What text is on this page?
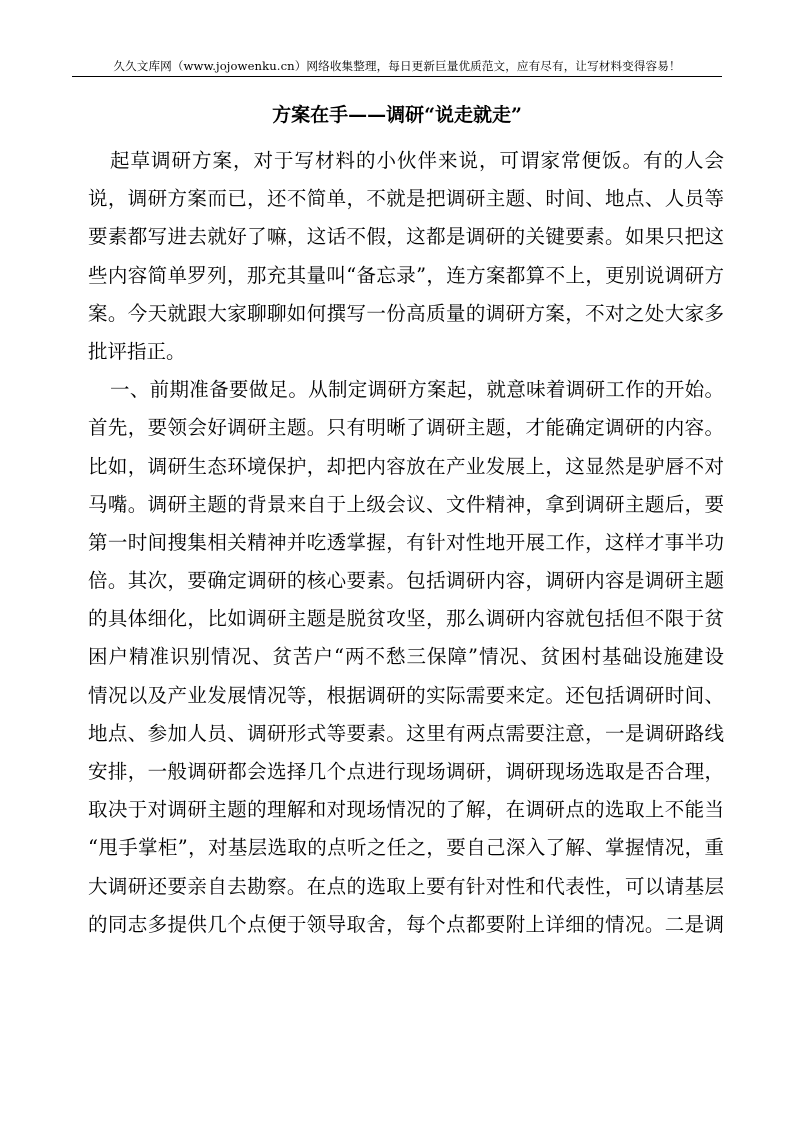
久久文库网（www.jojowenku.cn）网络收集整理，每日更新巨量优质范文，应有尽有，让写材料变得容易！
方案在手——调研“说走就走”
起草调研方案，对于写材料的小伙伴来说，可谓家常便饭。有的人会
说，调研方案而已，还不简单，不就是把调研主题、时间、地点、人员等
要素都写进去就好了嘛，这话不假，这都是调研的关键要素。如果只把这
些内容简单罗列，那充其量叫“备忘录”，连方案都算不上，更别说调研方
案。今天就跟大家聊聊如何撰写一份高质量的调研方案，不对之处大家多
批评指正。
一、前期准备要做足。从制定调研方案起，就意味着调研工作的开始。
首先，要领会好调研主题。只有明晰了调研主题，才能确定调研的内容。
比如，调研生态环境保护，却把内容放在产业发展上，这显然是驴唇不对
马嘴。调研主题的背景来自于上级会议、文件精神，拿到调研主题后，要
第一时间搜集相关精神并吃透掌握，有针对性地开展工作，这样才事半功
倍。其次，要确定调研的核心要素。包括调研内容，调研内容是调研主题
的具体细化，比如调研主题是脱贫攻坚，那么调研内容就包括但不限于贫
困户精准识别情况、贫苦户“两不愁三保障”情况、贫困村基础设施建设
情况以及产业发展情况等，根据调研的实际需要来定。还包括调研时间、
地点、参加人员、调研形式等要素。这里有两点需要注意，一是调研路线
安排，一般调研都会选择几个点进行现场调研，调研现场选取是否合理，
取决于对调研主题的理解和对现场情况的了解，在调研点的选取上不能当
“甩手掌柜”，对基层选取的点听之任之，要自己深入了解、掌握情况，重
大调研还要亲自去勘察。在点的选取上要有针对性和代表性，可以请基层
的同志多提供几个点便于领导取舍，每个点都要附上详细的情况。二是调
